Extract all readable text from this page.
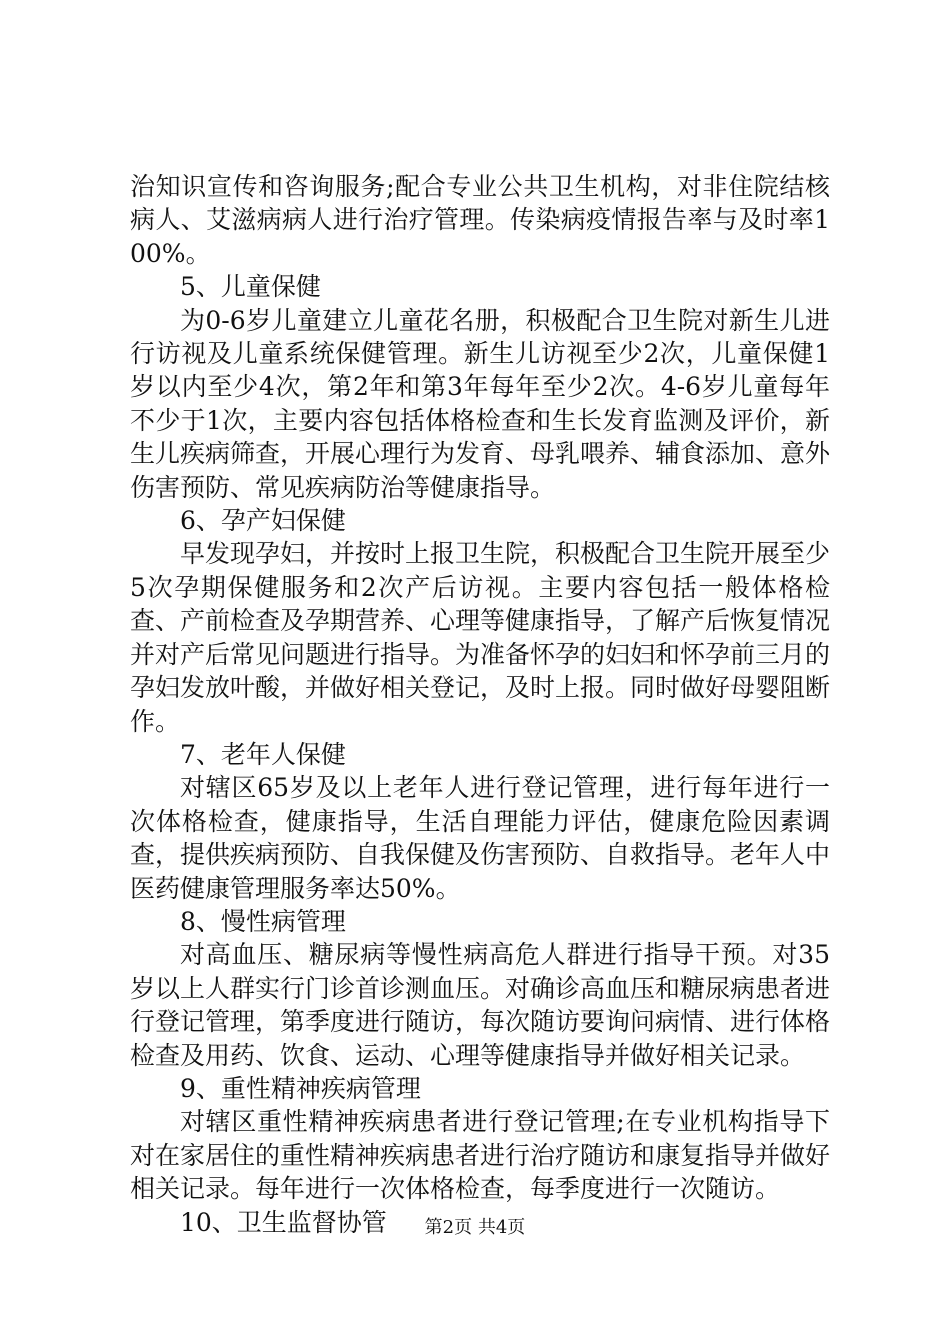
治知识宣传和咨询服务;配合专业公共卫生机构，对非住院结核病人、艾滋病病人进行治疗管理。传染病疫情报告率与及时率100%。

5、儿童保健

为0-6岁儿童建立儿童花名册，积极配合卫生院对新生儿进行访视及儿童系统保健管理。新生儿访视至少2次，儿童保健1岁以内至少4次，第2年和第3年每年至少2次。4-6岁儿童每年不少于1次，主要内容包括体格检查和生长发育监测及评价，新生儿疾病筛查，开展心理行为发育、母乳喂养、辅食添加、意外伤害预防、常见疾病防治等健康指导。

6、孕产妇保健

早发现孕妇，并按时上报卫生院，积极配合卫生院开展至少5次孕期保健服务和2次产后访视。主要内容包括一般体格检查、产前检查及孕期营养、心理等健康指导，了解产后恢复情况并对产后常见问题进行指导。为准备怀孕的妇妇和怀孕前三月的孕妇发放叶酸，并做好相关登记，及时上报。同时做好母婴阻断作。

7、老年人保健

对辖区65岁及以上老年人进行登记管理，进行每年进行一次体格检查，健康指导，生活自理能力评估，健康危险因素调查，提供疾病预防、自我保健及伤害预防、自救指导。老年人中医药健康管理服务率达50%。

8、慢性病管理

对高血压、糖尿病等慢性病高危人群进行指导干预。对35岁以上人群实行门诊首诊测血压。对确诊高血压和糖尿病患者进行登记管理，第季度进行随访，每次随访要询问病情、进行体格检查及用药、饮食、运动、心理等健康指导并做好相关记录。

9、重性精神疾病管理

对辖区重性精神疾病患者进行登记管理;在专业机构指导下对在家居住的重性精神疾病患者进行治疗随访和康复指导并做好相关记录。每年进行一次体格检查，每季度进行一次随访。

10、卫生监督协管	第2页 共4页
